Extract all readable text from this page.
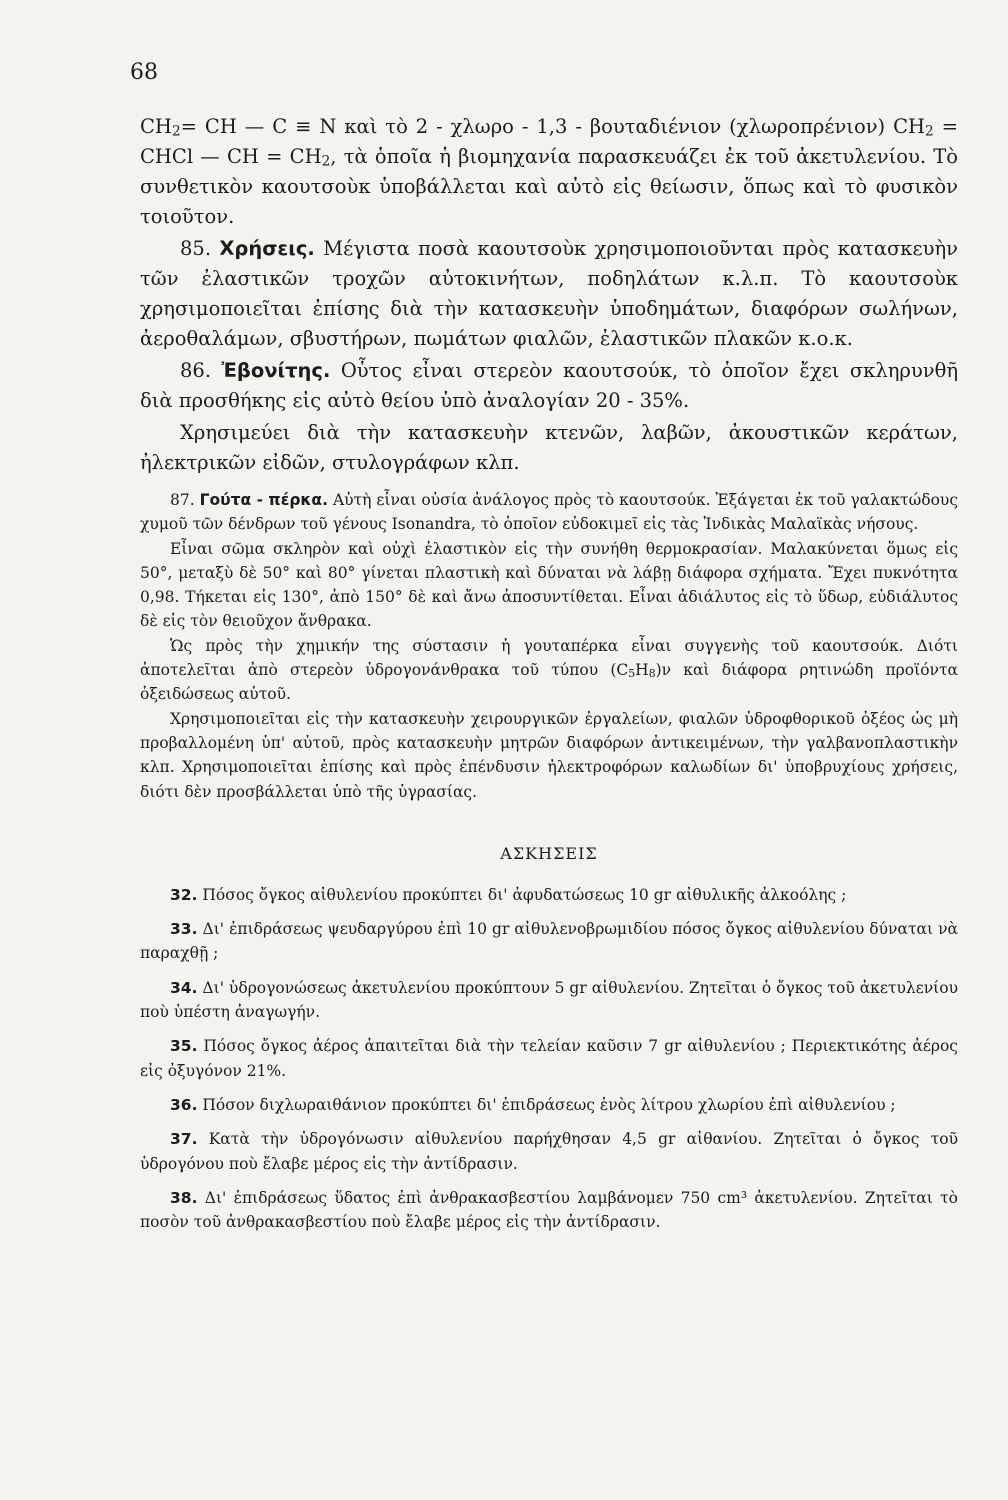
68

$CH_2=$ CH — C ≡ N καὶ τὸ 2 - χλωρο - 1,3 - βουταδιένιον (χλωροπρένιον) $CH_2$ = CHCl — CH = $CH_2$, τὰ ὁποῖα ἡ βιομηχανία παρασκευάζει ἐκ τοῦ ἀκετυλενίου. Τὸ συνθετικὸν καουτσοὺκ ὑποβάλλεται καὶ αὐτὸ εἰς θείωσιν, ὅπως καὶ τὸ φυσικὸν τοιοῦτον.

85. Χρήσεις. Μέγιστα ποσὰ καουτσοὺκ χρησιμοποιοῦνται πρὸς κατασκευὴν τῶν ἐλαστικῶν τροχῶν αὐτοκινήτων, ποδηλάτων κ.λ.π. Τὸ καουτσοὺκ χρησιμοποιεῖται ἐπίσης διὰ τὴν κατασκευὴν ὑποδημάτων, διαφόρων σωλήνων, ἀεροθαλάμων, σβυστήρων, πωμάτων φιαλῶν, ἐλαστικῶν πλακῶν κ.ο.κ.

86. Ἐβονίτης. Οὗτος εἶναι στερεὸν καουτσούκ, τὸ ὁποῖον ἔχει σκληρυνθῆ διὰ προσθήκης εἰς αὐτὸ θείου ὑπὸ ἀναλογίαν 20 - 35%.

Χρησιμεύει διὰ τὴν κατασκευὴν κτενῶν, λαβῶν, ἀκουστικῶν κεράτων, ἠλεκτρικῶν εἰδῶν, στυλογράφων κλπ.

87. Γούτα - πέρκα. Αὐτὴ εἶναι οὐσία ἀνάλογος πρὸς τὸ καουτσούκ. Ἐξάγεται ἐκ τοῦ γαλακτώδους χυμοῦ τῶν δένδρων τοῦ γένους Isonandra, τὸ ὁποῖον εὐδοκιμεῖ εἰς τὰς Ἰνδικὰς Μαλαϊκὰς νήσους.

Εἶναι σῶμα σκληρὸν καὶ οὐχὶ ἐλαστικὸν εἰς τὴν συνήθη θερμοκρασίαν. Μαλακύνεται ὅμως εἰς 50°, μεταξὺ δὲ 50° καὶ 80° γίνεται πλαστικὴ καὶ δύναται νὰ λάβῃ διάφορα σχήματα. Ἔχει πυκνότητα 0,98. Τήκεται εἰς 130°, ἀπὸ 150° δὲ καὶ ἄνω ἀποσυντίθεται. Εἶναι ἀδιάλυτος εἰς τὸ ὕδωρ, εὐδιάλυτος δὲ εἰς τὸν θειοῦχον ἄνθρακα.

Ὡς πρὸς τὴν χημικήν της σύστασιν ἡ γουταπέρκα εἶναι συγγενὴς τοῦ καουτσούκ. Διότι ἀποτελεῖται ἀπὸ στερεὸν ὑδρογονάνθρακα τοῦ τύπου $(C_5H_8)\nu$ καὶ διάφορα ρητινώδη προϊόντα ὀξειδώσεως αὐτοῦ.

Χρησιμοποιεῖται εἰς τὴν κατασκευὴν χειρουργικῶν ἐργαλείων, φιαλῶν ὑδροφθορικοῦ ὀξέος ὡς μὴ προβαλλομένη ὑπ' αὐτοῦ, πρὸς κατασκευὴν μητρῶν διαφόρων ἀντικειμένων, τὴν γαλβανοπλαστικὴν κλπ. Χρησιμοποιεῖται ἐπίσης καὶ πρὸς ἐπένδυσιν ἠλεκτροφόρων καλωδίων δι' ὑποβρυχίους χρήσεις, διότι δὲν προσβάλλεται ὑπὸ τῆς ὑγρασίας.

ΑΣΚΗΣΕΙΣ

32. Πόσος ὄγκος αἰθυλενίου προκύπτει δι' ἀφυδατώσεως 10 gr αἰθυλικῆς ἀλκοόλης ;

33. Δι' ἐπιδράσεως ψευδαργύρου ἐπὶ 10 gr αἰθυλενοβρωμιδίου πόσος ὄγκος αἰθυλενίου δύναται νὰ παραχθῇ ;

34. Δι' ὑδρογονώσεως ἀκετυλενίου προκύπτουν 5 gr αἰθυλενίου. Ζητεῖται ὁ ὄγκος τοῦ ἀκετυλενίου ποὺ ὑπέστη ἀναγωγήν.

35. Πόσος ὄγκος ἀέρος ἀπαιτεῖται διὰ τὴν τελείαν καῦσιν 7 gr αἰθυλενίου ; Περιεκτικότης ἀέρος εἰς ὀξυγόνον 21%.

36. Πόσον διχλωραιθάνιον προκύπτει δι' ἐπιδράσεως ἑνὸς λίτρου χλωρίου ἐπὶ αἰθυλενίου ;

37. Κατὰ τὴν ὑδρογόνωσιν αἰθυλενίου παρήχθησαν 4,5 gr αἰθανίου. Ζητεῖται ὁ ὄγκος τοῦ ὑδρογόνου ποὺ ἔλαβε μέρος εἰς τὴν ἀντίδρασιν.

38. Δι' ἐπιδράσεως ὕδατος ἐπὶ ἀνθρακασβεστίου λαμβάνομεν 750 cm³ ἀκετυλενίου. Ζητεῖται τὸ ποσὸν τοῦ ἀνθρακασβεστίου ποὺ ἔλαβε μέρος εἰς τὴν ἀντίδρασιν.
